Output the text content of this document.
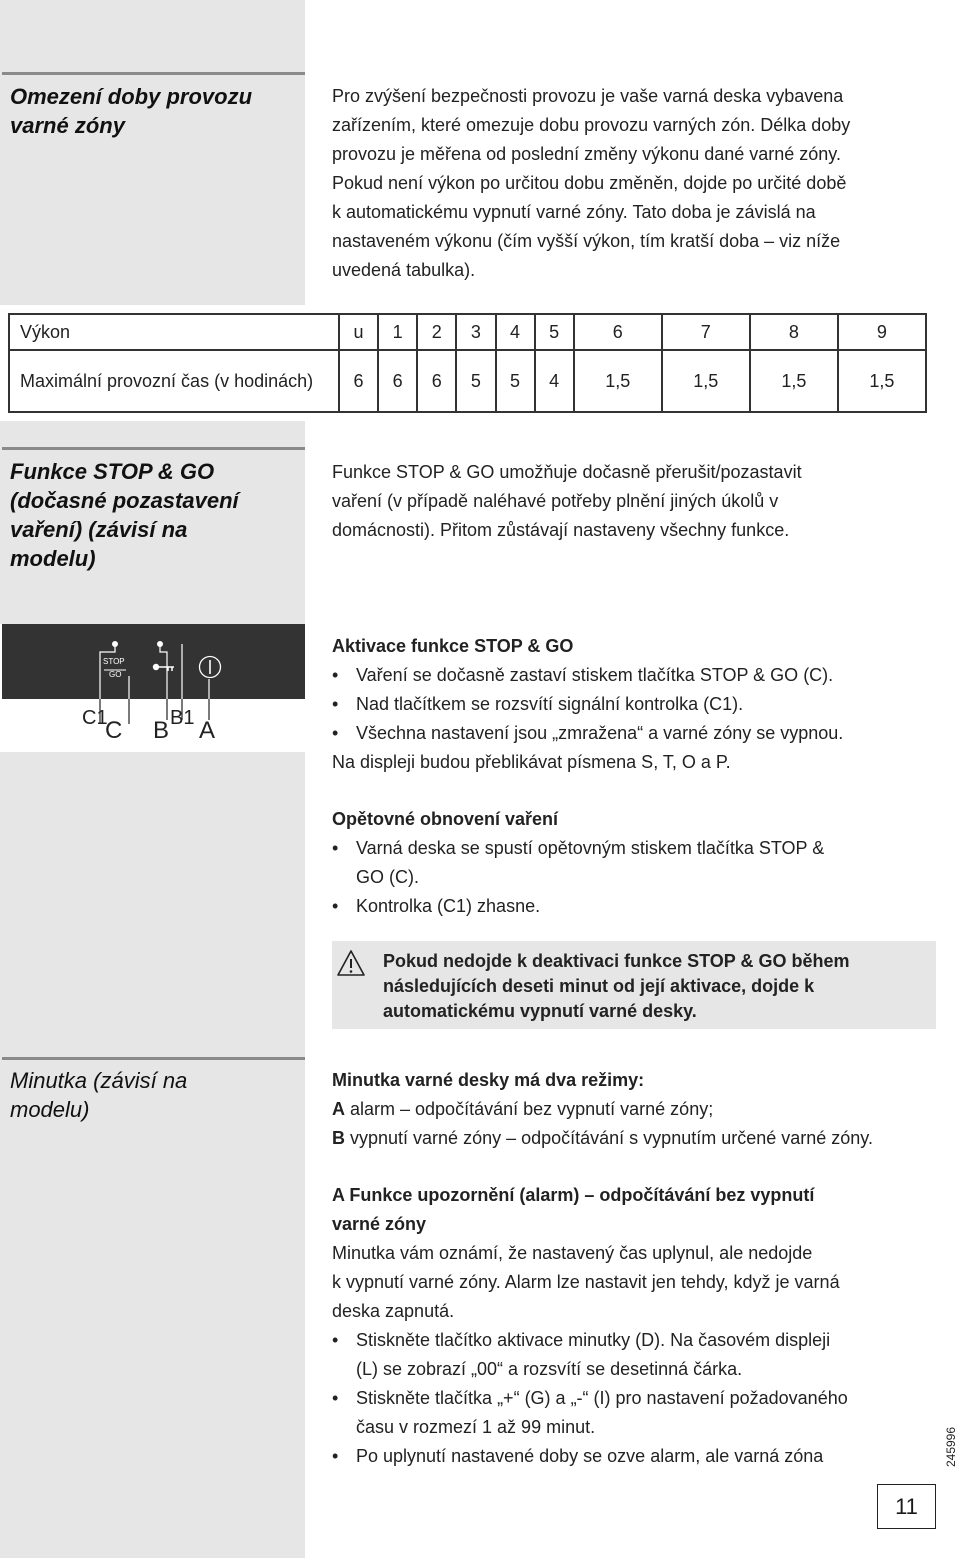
Omezení doby provozu
varné zóny

Pro zvýšení bezpečnosti provozu je vaše varná deska vybavena

zařízením, které omezuje dobu provozu varných zón. Délka doby

provozu je měřena od poslední změny výkonu dané varné zóny.

Pokud není výkon po určitou dobu změněn, dojde po určité době

k automatickému vypnutí varné zóny. Tato doba je závislá na

nastaveném výkonu (čím vyšší výkon, tím kratší doba – viz níže

uvedená tabulka).

Výkon	u	1	2	3	4	5	6	7	8	9
Maximální provozní čas (v hodinách)	6	6	6	5	5	4	1,5	1,5	1,5	1,5
Funkce STOP & GO
(dočasné pozastavení
vaření) (závisí na
modelu)

Funkce STOP & GO umožňuje dočasně přerušit/pozastavit

vaření (v případě naléhavé potřeby plnění jiných úkolů v

domácnosti). Přitom zůstávají nastaveny všechny funkce.

STOP
GO
C1
C B B1 A

Aktivace funkce STOP & GO

• Vaření se dočasně zastaví stiskem tlačítka STOP & GO (C).
• Nad tlačítkem se rozsvítí signální kontrolka (C1).
• Všechna nastavení jsou „zmražena“ a varné zóny se vypnou.

Na displeji budou přeblikávat písmena S, T, O a P.

Opětovné obnovení vaření

• Varná deska se spustí opětovným stiskem tlačítka STOP &
GO (C).
• Kontrolka (C1) zhasne.
Pokud nedojde k deaktivaci funkce STOP & GO během
následujících deseti minut od její aktivace, dojde k
automatickému vypnutí varné desky.
Minutka (závisí na
modelu)

Minutka varné desky má dva režimy:

A alarm – odpočítávání bez vypnutí varné zóny;

B vypnutí varné zóny – odpočítávání s vypnutím určené varné zóny.

A Funkce upozornění (alarm) – odpočítávání bez vypnutí

varné zóny

Minutka vám oznámí, že nastavený čas uplynul, ale nedojde

k vypnutí varné zóny. Alarm lze nastavit jen tehdy, když je varná

deska zapnutá.

• Stiskněte tlačítko aktivace minutky (D). Na časovém displeji
(L) se zobrazí „00“ a rozsvítí se desetinná čárka.
• Stiskněte tlačítka „+“ (G) a „-“ (I) pro nastavení požadovaného
času v rozmezí 1 až 99 minut.
• Po uplynutí nastavené doby se ozve alarm, ale varná zóna	245996
11
